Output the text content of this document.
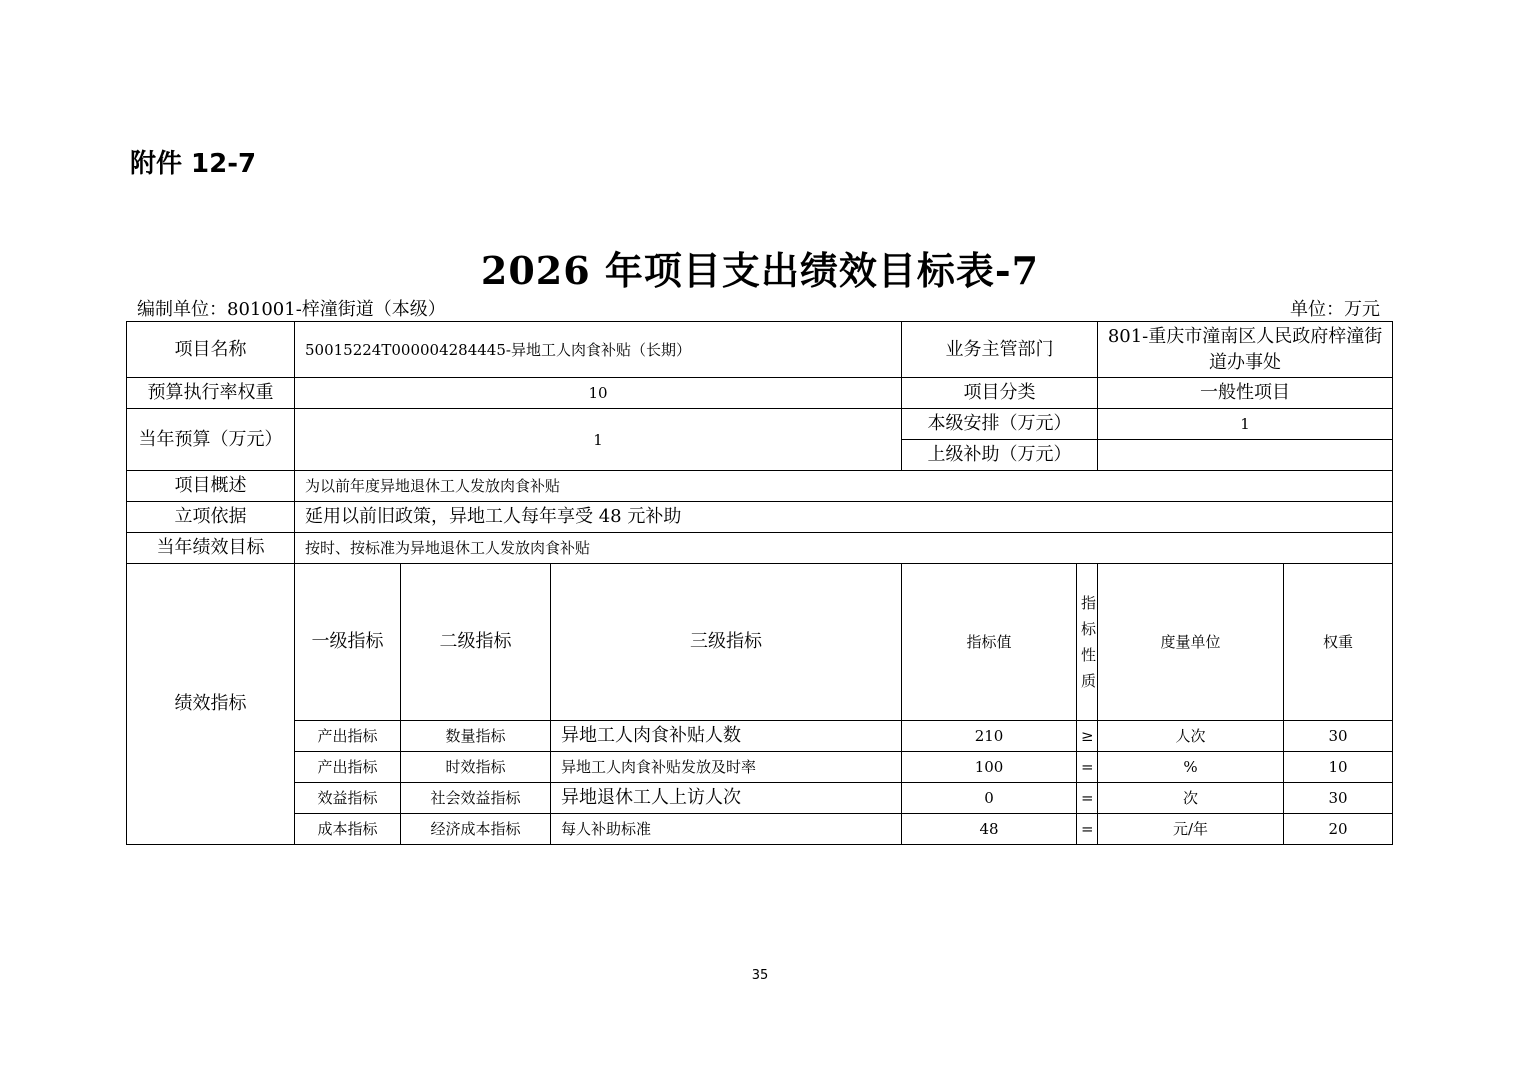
附件 12-7
2026 年项目支出绩效目标表-7
编制单位：801001-梓潼街道（本级）	单位：万元
项目名称	50015224T000004284445-异地工人肉食补贴（长期）			业务主管部门		801-重庆市潼南区人民政府梓潼街道办事处		
预算执行率权重	10			项目分类		一般性项目		
当年预算（万元）	1			本级安排（万元）		1		
				上级补助（万元）				
项目概述	为以前年度异地退休工人发放肉食补贴							
立项依据	延用以前旧政策，异地工人每年享受 48 元补助							
当年绩效目标	按时、按标准为异地退休工人发放肉食补贴							
绩效指标	一级指标	二级指标	三级指标	指标值	指标性质	度量单位	权重	
	产出指标	数量指标	异地工人肉食补贴人数	210	≥	人次	30	
	产出指标	时效指标	异地工人肉食补贴发放及时率	100	=	%	10	
	效益指标	社会效益指标	异地退休工人上访人次	0	=	次	30	
	成本指标	经济成本指标	每人补助标准	48	=	元/年	20	
35
